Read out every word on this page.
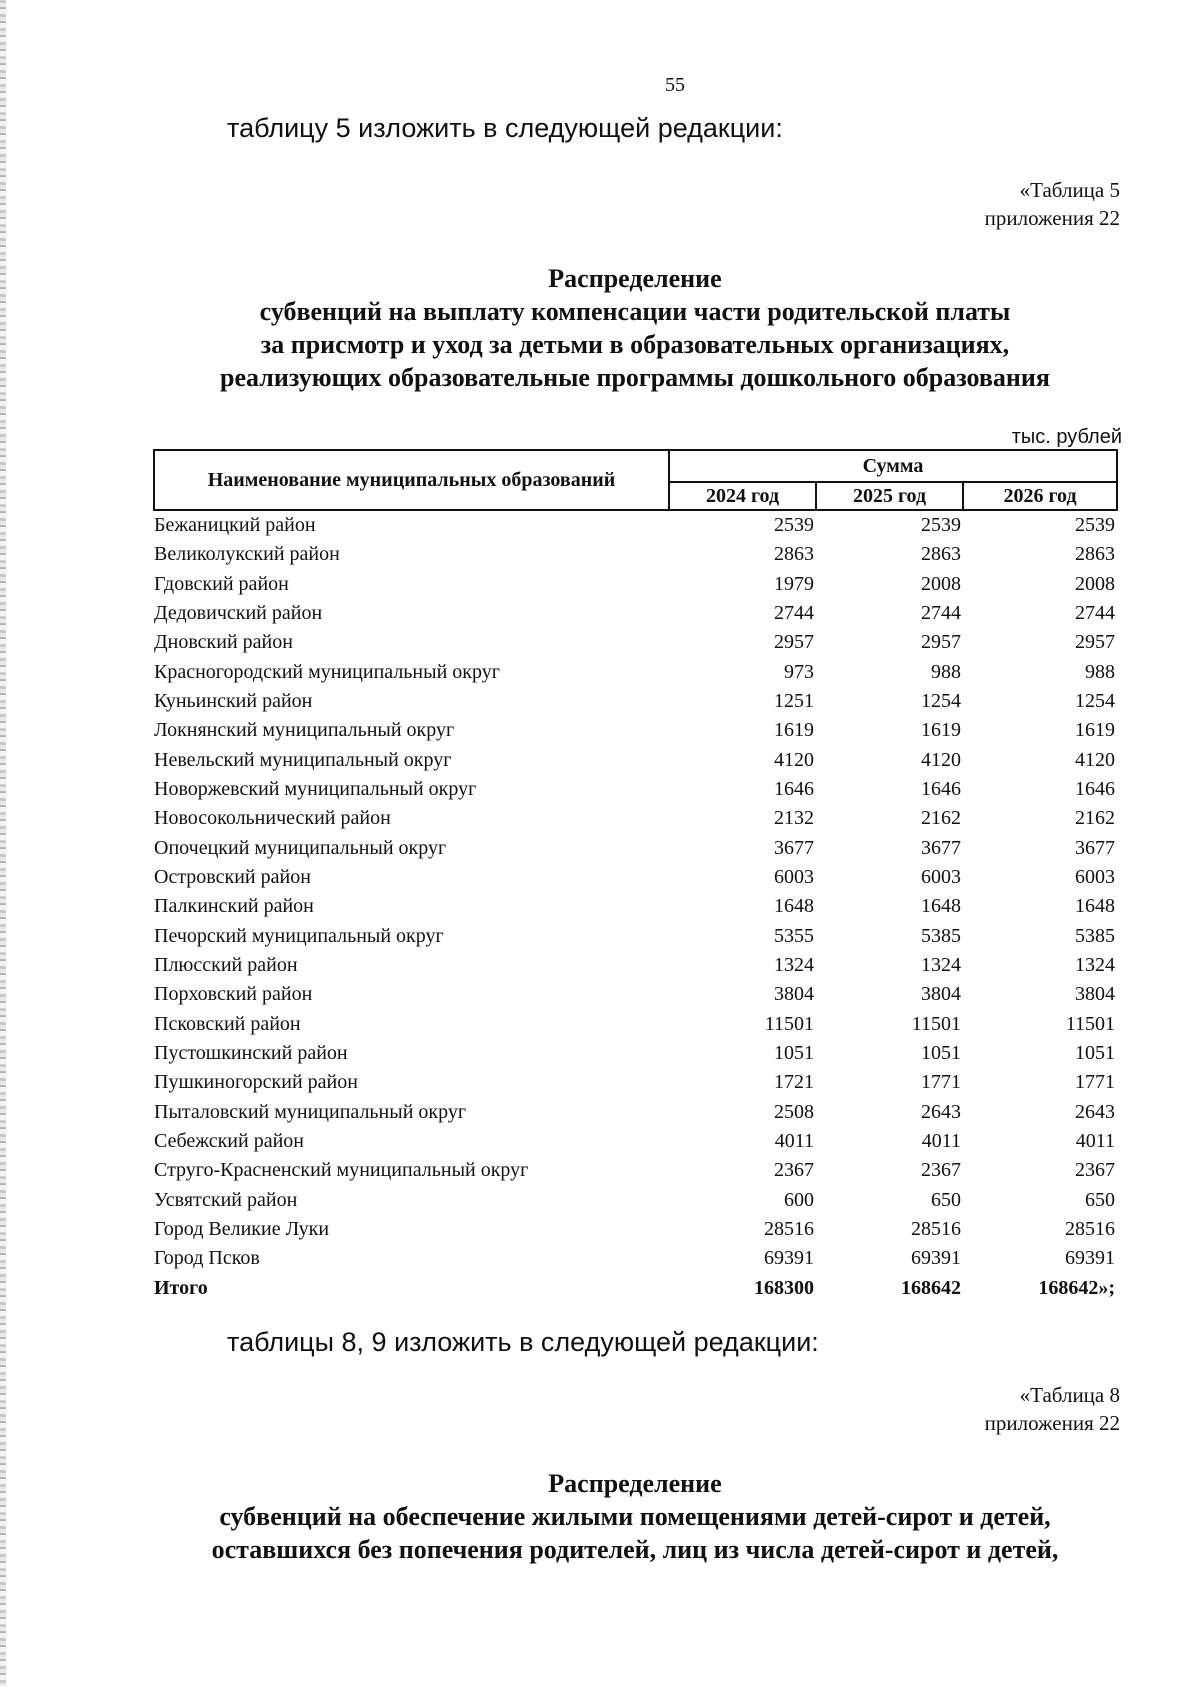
55
таблицу 5 изложить в следующей редакции:
«Таблица 5
приложения 22
Распределение
субвенций на выплату компенсации части родительской платы
за присмотр и уход за детьми в образовательных организациях,
реализующих образовательные программы дошкольного образования
тыс. рублей
Наименование муниципальных образований	Сумма		
	2024 год	2025 год	2026 год
Бежаницкий район	2539	2539	2539
Великолукский район	2863	2863	2863
Гдовский район	1979	2008	2008
Дедовичский район	2744	2744	2744
Дновский район	2957	2957	2957
Красногородский муниципальный округ	973	988	988
Куньинский район	1251	1254	1254
Локнянский муниципальный округ	1619	1619	1619
Невельский муниципальный округ	4120	4120	4120
Новоржевский муниципальный округ	1646	1646	1646
Новосокольнический район	2132	2162	2162
Опочецкий муниципальный округ	3677	3677	3677
Островский район	6003	6003	6003
Палкинский район	1648	1648	1648
Печорский муниципальный округ	5355	5385	5385
Плюсский район	1324	1324	1324
Порховский район	3804	3804	3804
Псковский район	11501	11501	11501
Пустошкинский район	1051	1051	1051
Пушкиногорский район	1721	1771	1771
Пыталовский муниципальный округ	2508	2643	2643
Себежский район	4011	4011	4011
Струго-Красненский муниципальный округ	2367	2367	2367
Усвятский район	600	650	650
Город Великие Луки	28516	28516	28516
Город Псков	69391	69391	69391
Итого	168300	168642	168642»;
таблицы 8, 9 изложить в следующей редакции:
«Таблица 8
приложения 22
Распределение
субвенций на обеспечение жилыми помещениями детей-сирот и детей,
оставшихся без попечения родителей, лиц из числа детей-сирот и детей,
